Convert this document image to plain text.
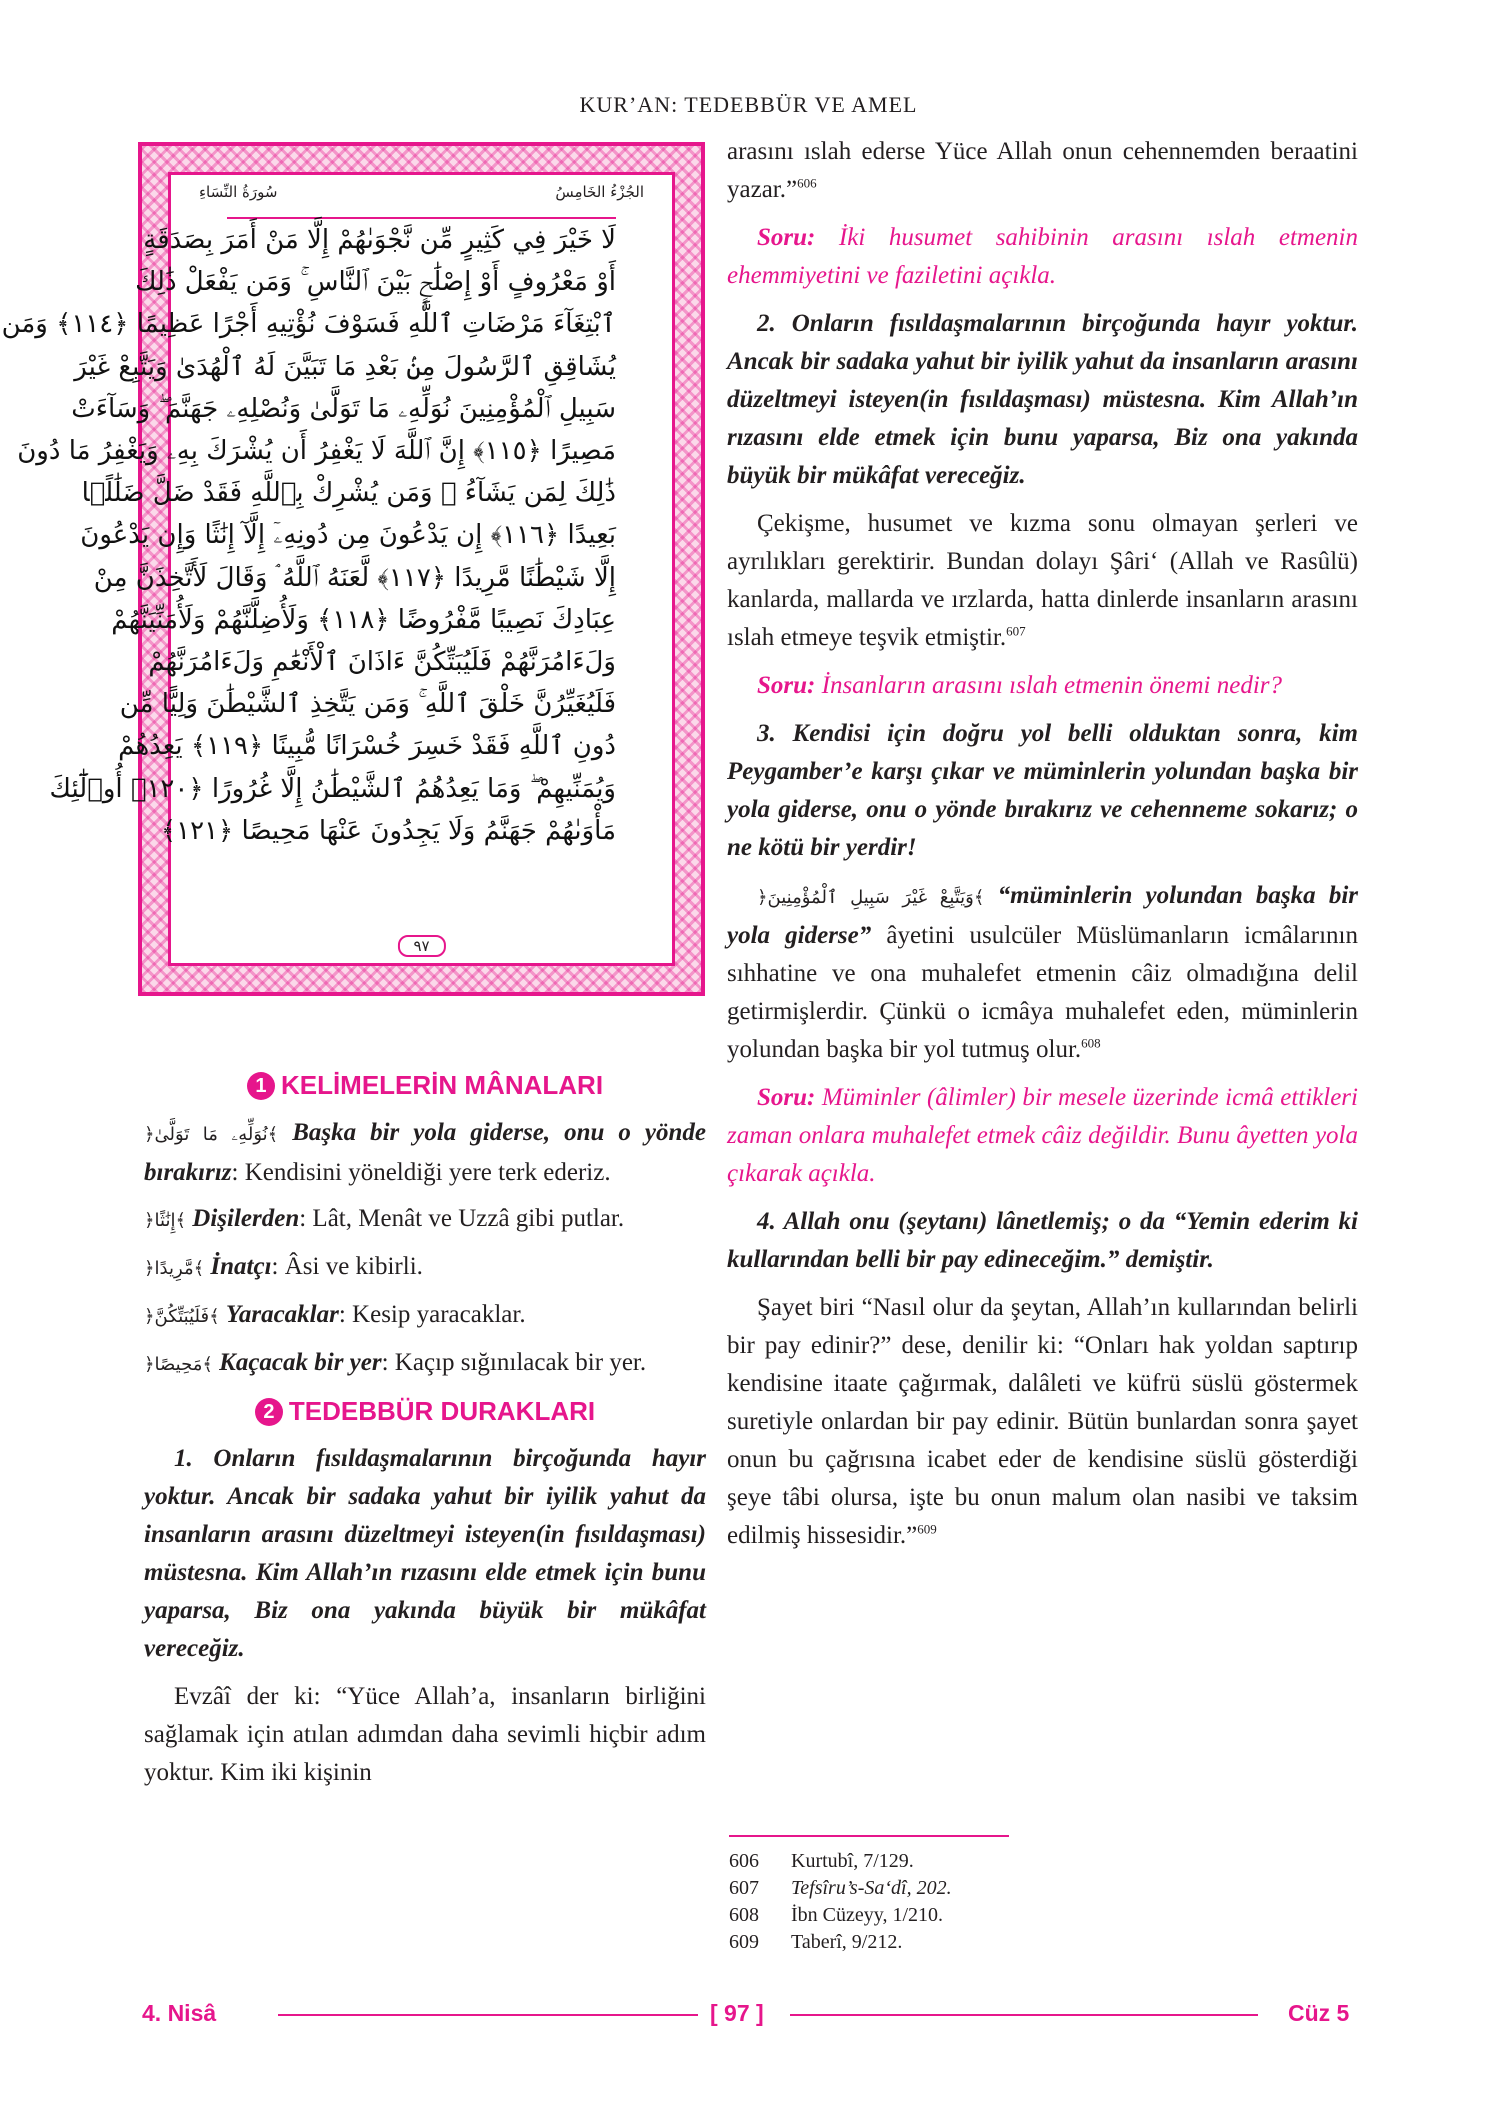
KUR’AN: TEDEBBÜR VE AMEL
سُورَةُ النِّسَاءِ	الجُزْءُ الخَامِسُ
لَا خَيْرَ فِي كَثِيرٍ مِّن نَّجْوَىٰهُمْ إِلَّا مَنْ أَمَرَ بِصَدَقَةٍ
أَوْ مَعْرُوفٍ أَوْ إِصْلَٰحٍۭ بَيْنَ ٱلنَّاسِ ۚ وَمَن يَفْعَلْ ذَٰلِكَ
ٱبْتِغَآءَ مَرْضَاتِ ٱللَّهِ فَسَوْفَ نُؤْتِيهِ أَجْرًا عَظِيمًا ﴿١١٤﴾ وَمَن
يُشَاقِقِ ٱلرَّسُولَ مِنۢ بَعْدِ مَا تَبَيَّنَ لَهُ ٱلْهُدَىٰ وَيَتَّبِعْ غَيْرَ
سَبِيلِ ٱلْمُؤْمِنِينَ نُوَلِّهِۦ مَا تَوَلَّىٰ وَنُصْلِهِۦ جَهَنَّمَ ۖ وَسَآءَتْ
مَصِيرًا ﴿١١٥﴾ إِنَّ ٱللَّهَ لَا يَغْفِرُ أَن يُشْرَكَ بِهِۦ وَيَغْفِرُ مَا دُونَ
ذَٰلِكَ لِمَن يَشَآءُ ۚ وَمَن يُشْرِكْ بِٱللَّهِ فَقَدْ ضَلَّ ضَلَٰلًۢا
بَعِيدًا ﴿١١٦﴾ إِن يَدْعُونَ مِن دُونِهِۦٓ إِلَّآ إِنَٰثًا وَإِن يَدْعُونَ
إِلَّا شَيْطَٰنًا مَّرِيدًا ﴿١١٧﴾ لَّعَنَهُ ٱللَّهُ ۘ وَقَالَ لَأَتَّخِذَنَّ مِنْ
عِبَادِكَ نَصِيبًا مَّفْرُوضًا ﴿١١٨﴾ وَلَأُضِلَّنَّهُمْ وَلَأُمَنِّيَنَّهُمْ
وَلَءَامُرَنَّهُمْ فَلَيُبَتِّكُنَّ ءَاذَانَ ٱلْأَنْعَٰمِ وَلَءَامُرَنَّهُمْ
فَلَيُغَيِّرُنَّ خَلْقَ ٱللَّهِ ۚ وَمَن يَتَّخِذِ ٱلشَّيْطَٰنَ وَلِيًّا مِّن
دُونِ ٱللَّهِ فَقَدْ خَسِرَ خُسْرَانًا مُّبِينًا ﴿١١٩﴾ يَعِدُهُمْ
وَيُمَنِّيهِمْ ۖ وَمَا يَعِدُهُمُ ٱلشَّيْطَٰنُ إِلَّا غُرُورًا ﴿١٢٠﴾ أُو۟لَٰٓئِكَ
مَأْوَىٰهُمْ جَهَنَّمُ وَلَا يَجِدُونَ عَنْهَا مَحِيصًا ﴿١٢١﴾
٩٧
1 KELİMELERİN MÂNALARI

﴿نُوَلِّهِۦ مَا تَوَلَّىٰ﴾ Başka bir yola giderse, onu o yönde bırakırız: Kendisini yöneldiği yere terk ederiz.

﴿إِنَٰثًا﴾ Dişilerden: Lât, Menât ve Uzzâ gibi putlar.

﴿مَّرِيدًا﴾ İnatçı: Âsi ve kibirli.

﴿فَلَيُبَتِّكُنَّ﴾ Yaracaklar: Kesip yaracaklar.

﴿مَحِيصًا﴾ Kaçacak bir yer: Kaçıp sığınılacak bir yer.

2 TEDEBBÜR DURAKLARI

1. Onların fısıldaşmalarının birçoğunda hayır yoktur. Ancak bir sadaka yahut bir iyilik yahut da insanların arasını düzeltmeyi isteyen(in fısıldaşması) müstesna. Kim Allah’ın rızasını elde etmek için bunu yaparsa, Biz ona yakında büyük bir mükâfat vereceğiz.

Evzâî der ki: “Yüce Allah’a, insanların birliğini sağlamak için atılan adımdan daha sevimli hiçbir adım yoktur. Kim iki kişinin

arasını ıslah ederse Yüce Allah onun cehennemden beraatini yazar.”$^{606}$

Soru: İki husumet sahibinin arasını ıslah etmenin ehemmiyetini ve faziletini açıkla.

2. Onların fısıldaşmalarının birçoğunda hayır yoktur. Ancak bir sadaka yahut bir iyilik yahut da insanların arasını düzeltmeyi isteyen(in fısıldaşması) müstesna. Kim Allah’ın rızasını elde etmek için bunu yaparsa, Biz ona yakında büyük bir mükâfat vereceğiz.

Çekişme, husumet ve kızma sonu olmayan şerleri ve ayrılıkları gerektirir. Bundan dolayı Şâri‘ (Allah ve Rasûlü) kanlarda, mallarda ve ırzlarda, hatta dinlerde insanların arasını ıslah etmeye teşvik etmiştir.$^{607}$

Soru: İnsanların arasını ıslah etmenin önemi nedir?

3. Kendisi için doğru yol belli olduktan sonra, kim Peygamber’e karşı çıkar ve müminlerin yolundan başka bir yola giderse, onu o yönde bırakırız ve cehenneme sokarız; o ne kötü bir yerdir!

﴿وَيَتَّبِعْ غَيْرَ سَبِيلِ ٱلْمُؤْمِنِينَ﴾ “müminlerin yolundan başka bir yola giderse” âyetini usulcüler Müslümanların icmâlarının sıhhatine ve ona muhalefet etmenin câiz olmadığına delil getirmişlerdir. Çünkü o icmâya muhalefet eden, müminlerin yolundan başka bir yol tutmuş olur.$^{608}$

Soru: Müminler (âlimler) bir mesele üzerinde icmâ ettikleri zaman onlara muhalefet etmek câiz değildir. Bunu âyetten yola çıkarak açıkla.

4. Allah onu (şeytanı) lânetlemiş; o da “Yemin ederim ki kullarından belli bir pay edineceğim.” demiştir.

Şayet biri “Nasıl olur da şeytan, Allah’ın kullarından belirli bir pay edinir?” dese, denilir ki: “Onları hak yoldan saptırıp kendisine itaate çağırmak, dalâleti ve küfrü süslü göstermek suretiyle onlardan bir pay edinir. Bütün bunlardan sonra şayet onun bu çağrısına icabet eder de kendisine süslü gösterdiği şeye tâbi olursa, işte bu onun malum olan nasibi ve taksim edilmiş hissesidir.”$^{609}$

606 Kurtubî, 7/129.
607 Tefsîru’s-Sa‘dî, 202.
608 İbn Cüzeyy, 1/210.
609 Taberî, 9/212.
4. Nisâ	[ 97 ]	Cüz 5
